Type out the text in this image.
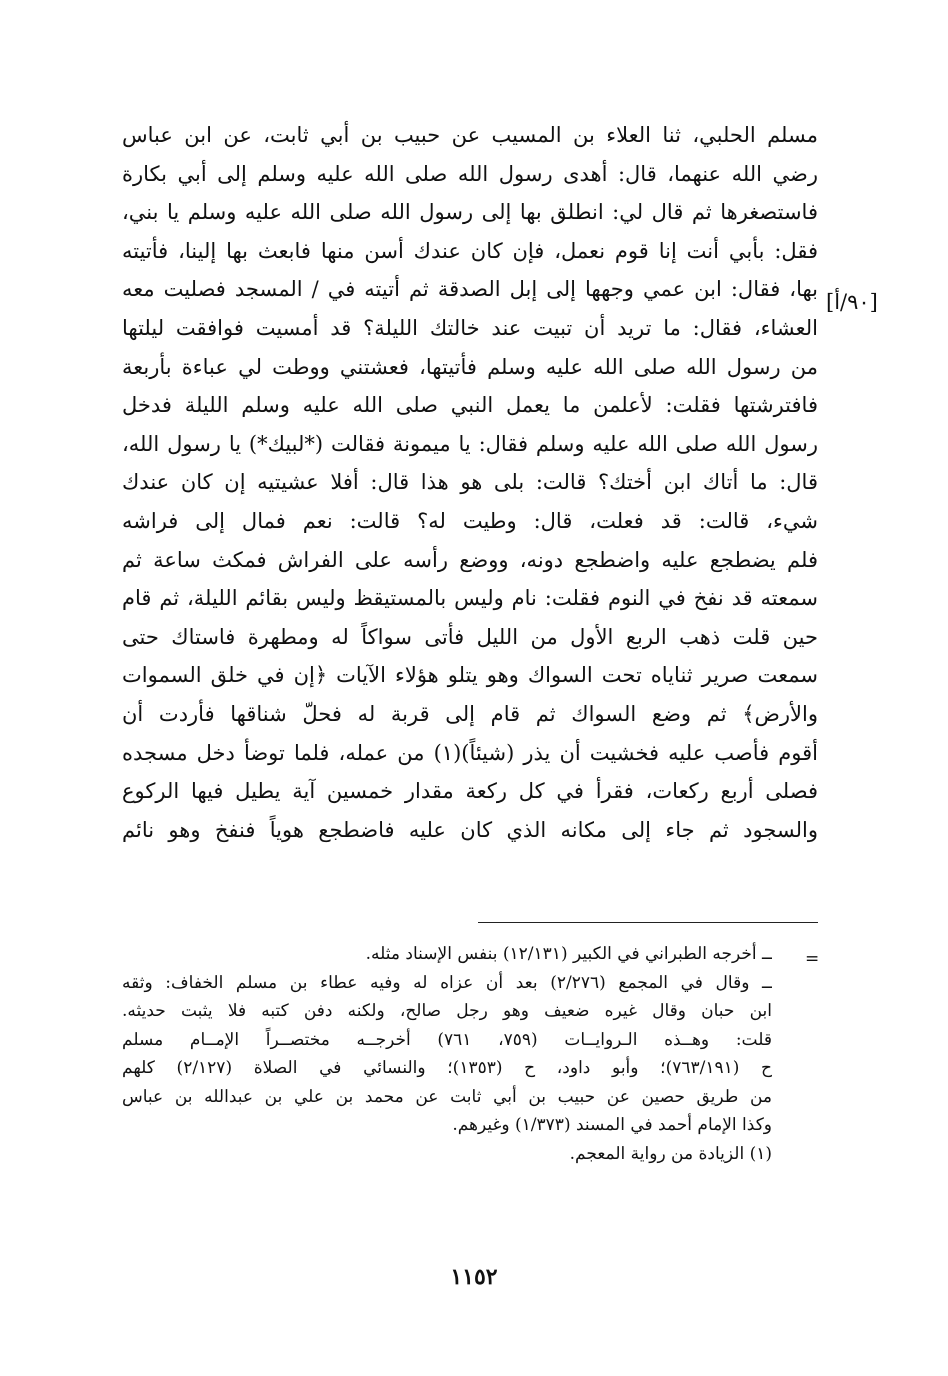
[٩٠/أ]
مسلم الحلبي، ثنا العلاء بن المسيب عن حبيب بن أبي ثابت، عن ابن عباس
رضي الله عنهما، قال: أهدى رسول الله صلى الله عليه وسلم إلى أبي بكارة
فاستصغرها ثم قال لي: انطلق بها إلى رسول الله صلى الله عليه وسلم يا بني،
فقل: بأبي أنت إنا قوم نعمل، فإن كان عندك أسن منها فابعث بها إلينا، فأتيته
بها، فقال: ابن عمي وجهها إلى إبل الصدقة ثم أتيته في / المسجد فصليت معه
العشاء، فقال: ما تريد أن تبيت عند خالتك الليلة؟ قد أمسيت فوافقت ليلتها
من رسول الله صلى الله عليه وسلم فأتيتها، فعشتني ووطت لي عباءة بأربعة
فافترشتها فقلت: لأعلمن ما يعمل النبي صلى الله عليه وسلم الليلة فدخل
رسول الله صلى الله عليه وسلم فقال: يا ميمونة فقالت (*لبيك*) يا رسول الله،
قال: ما أتاك ابن أختك؟ قالت: بلى هو هذا قال: أفلا عشيتيه إن كان عندك
شيء، قالت: قد فعلت، قال: وطيت له؟ قالت: نعم فمال إلى فراشه
فلم يضطجع عليه واضطجع دونه، ووضع رأسه على الفراش فمكث ساعة ثم
سمعته قد نفخ في النوم فقلت: نام وليس بالمستيقظ وليس بقائم الليلة، ثم قام
حين قلت ذهب الربع الأول من الليل فأتى سواكاً له ومطهرة فاستاك حتى
سمعت صرير ثناياه تحت السواك وهو يتلو هؤلاء الآيات ﴿إن في خلق السموات
والأرض﴾ ثم وضع السواك ثم قام إلى قربة له فحلّ شناقها فأردت أن
أقوم فأصب عليه فخشيت أن يذر (شيئاً)(١) من عمله، فلما توضأ دخل مسجده
فصلى أربع ركعات، فقرأ في كل ركعة مقدار خمسين آية يطيل فيها الركوع
والسجود ثم جاء إلى مكانه الذي كان عليه فاضطجع هوياً فنفخ وهو نائم
=
ــ أخرجه الطبراني في الكبير (١٢/١٣١) بنفس الإسناد مثله.
ــ وقال في المجمع (٢/٢٧٦) بعد أن عزاه له وفيه عطاء بن مسلم الخفاف: وثقه
ابن حبان وقال غيره ضعيف وهو رجل صالح، ولكنه دفن كتبه فلا يثبت حديثه.
قلت: وهــذه الـروايــات (٧٥٩، ٧٦١) أخرجــه مختصــراً الإمــام مسلم
ح (٧٦٣/١٩١)؛ وأبو داود، ح (١٣٥٣)؛ والنسائي في الصلاة (٢/١٢٧) كلهم
من طريق حصين عن حبيب بن أبي ثابت عن محمد بن علي بن عبدالله بن عباس
وكذا الإمام أحمد في المسند (١/٣٧٣) وغيرهم.
(١) الزيادة من رواية المعجم.
١١٥٢
